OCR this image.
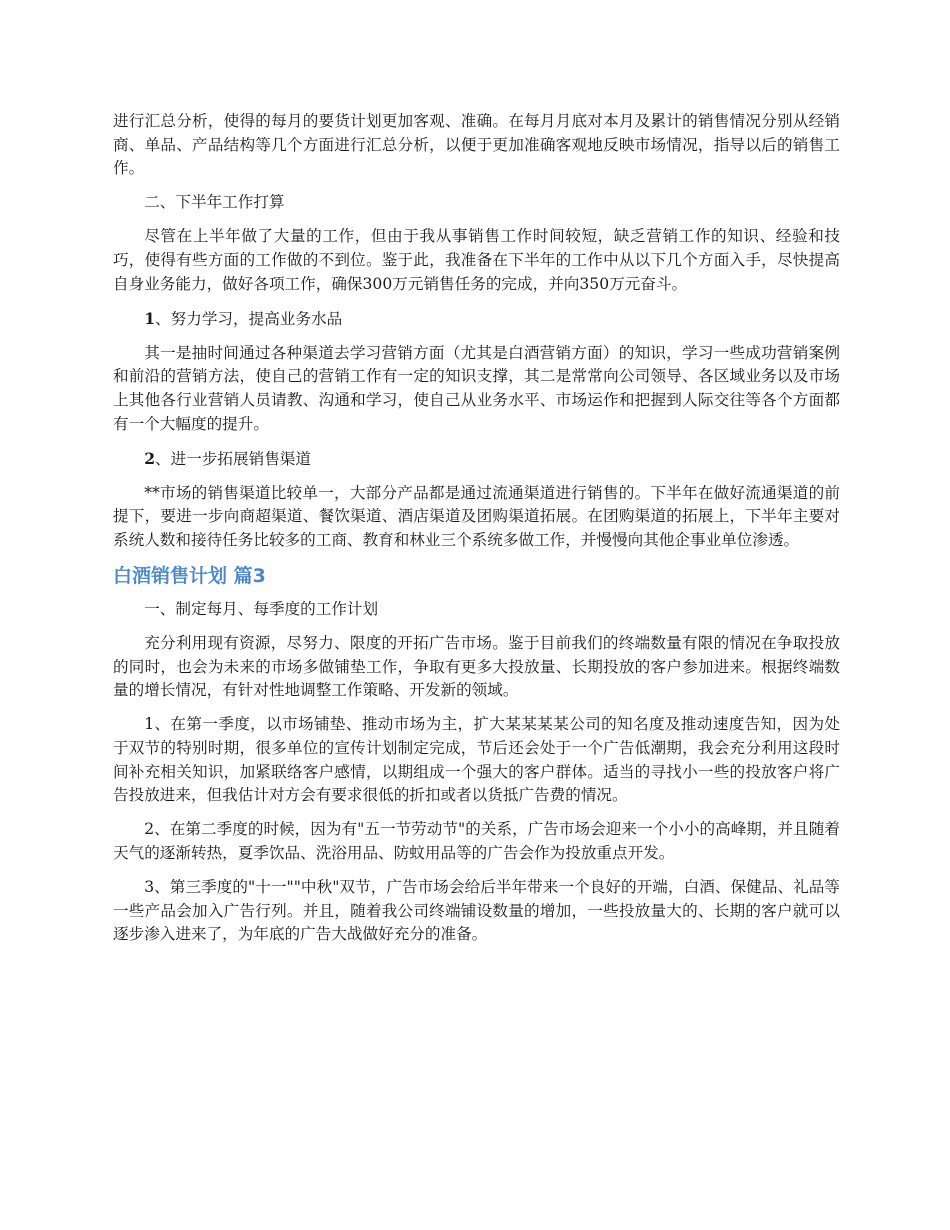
进行汇总分析，使得的每月的要货计划更加客观、准确。在每月月底对本月及累计的销售情况分别从经销商、单品、产品结构等几个方面进行汇总分析，以便于更加准确客观地反映市场情况，指导以后的销售工作。

二、下半年工作打算

尽管在上半年做了大量的工作，但由于我从事销售工作时间较短，缺乏营销工作的知识、经验和技巧，使得有些方面的工作做的不到位。鉴于此，我准备在下半年的工作中从以下几个方面入手，尽快提高自身业务能力，做好各项工作，确保300万元销售任务的完成，并向350万元奋斗。

1、努力学习，提高业务水品

其一是抽时间通过各种渠道去学习营销方面（尤其是白酒营销方面）的知识，学习一些成功营销案例和前沿的营销方法，使自己的营销工作有一定的知识支撑，其二是常常向公司领导、各区域业务以及市场上其他各行业营销人员请教、沟通和学习，使自己从业务水平、市场运作和把握到人际交往等各个方面都有一个大幅度的提升。

2、进一步拓展销售渠道

**市场的销售渠道比较单一，大部分产品都是通过流通渠道进行销售的。下半年在做好流通渠道的前提下，要进一步向商超渠道、餐饮渠道、酒店渠道及团购渠道拓展。在团购渠道的拓展上，下半年主要对系统人数和接待任务比较多的工商、教育和林业三个系统多做工作，并慢慢向其他企事业单位渗透。

白酒销售计划 篇3

一、制定每月、每季度的工作计划

充分利用现有资源，尽努力、限度的开拓广告市场。鉴于目前我们的终端数量有限的情况在争取投放的同时，也会为未来的市场多做铺垫工作，争取有更多大投放量、长期投放的客户参加进来。根据终端数量的增长情况，有针对性地调整工作策略、开发新的领域。

1、在第一季度，以市场铺垫、推动市场为主，扩大某某某某公司的知名度及推动速度告知，因为处于双节的特别时期，很多单位的宣传计划制定完成，节后还会处于一个广告低潮期，我会充分利用这段时间补充相关知识，加紧联络客户感情，以期组成一个强大的客户群体。适当的寻找小一些的投放客户将广告投放进来，但我估计对方会有要求很低的折扣或者以货抵广告费的情况。

2、在第二季度的时候，因为有"五一节劳动节"的关系，广告市场会迎来一个小小的高峰期，并且随着天气的逐渐转热，夏季饮品、洗浴用品、防蚊用品等的广告会作为投放重点开发。

3、第三季度的"十一""中秋"双节，广告市场会给后半年带来一个良好的开端，白酒、保健品、礼品等一些产品会加入广告行列。并且，随着我公司终端铺设数量的增加，一些投放量大的、长期的客户就可以逐步渗入进来了，为年底的广告大战做好充分的准备。
